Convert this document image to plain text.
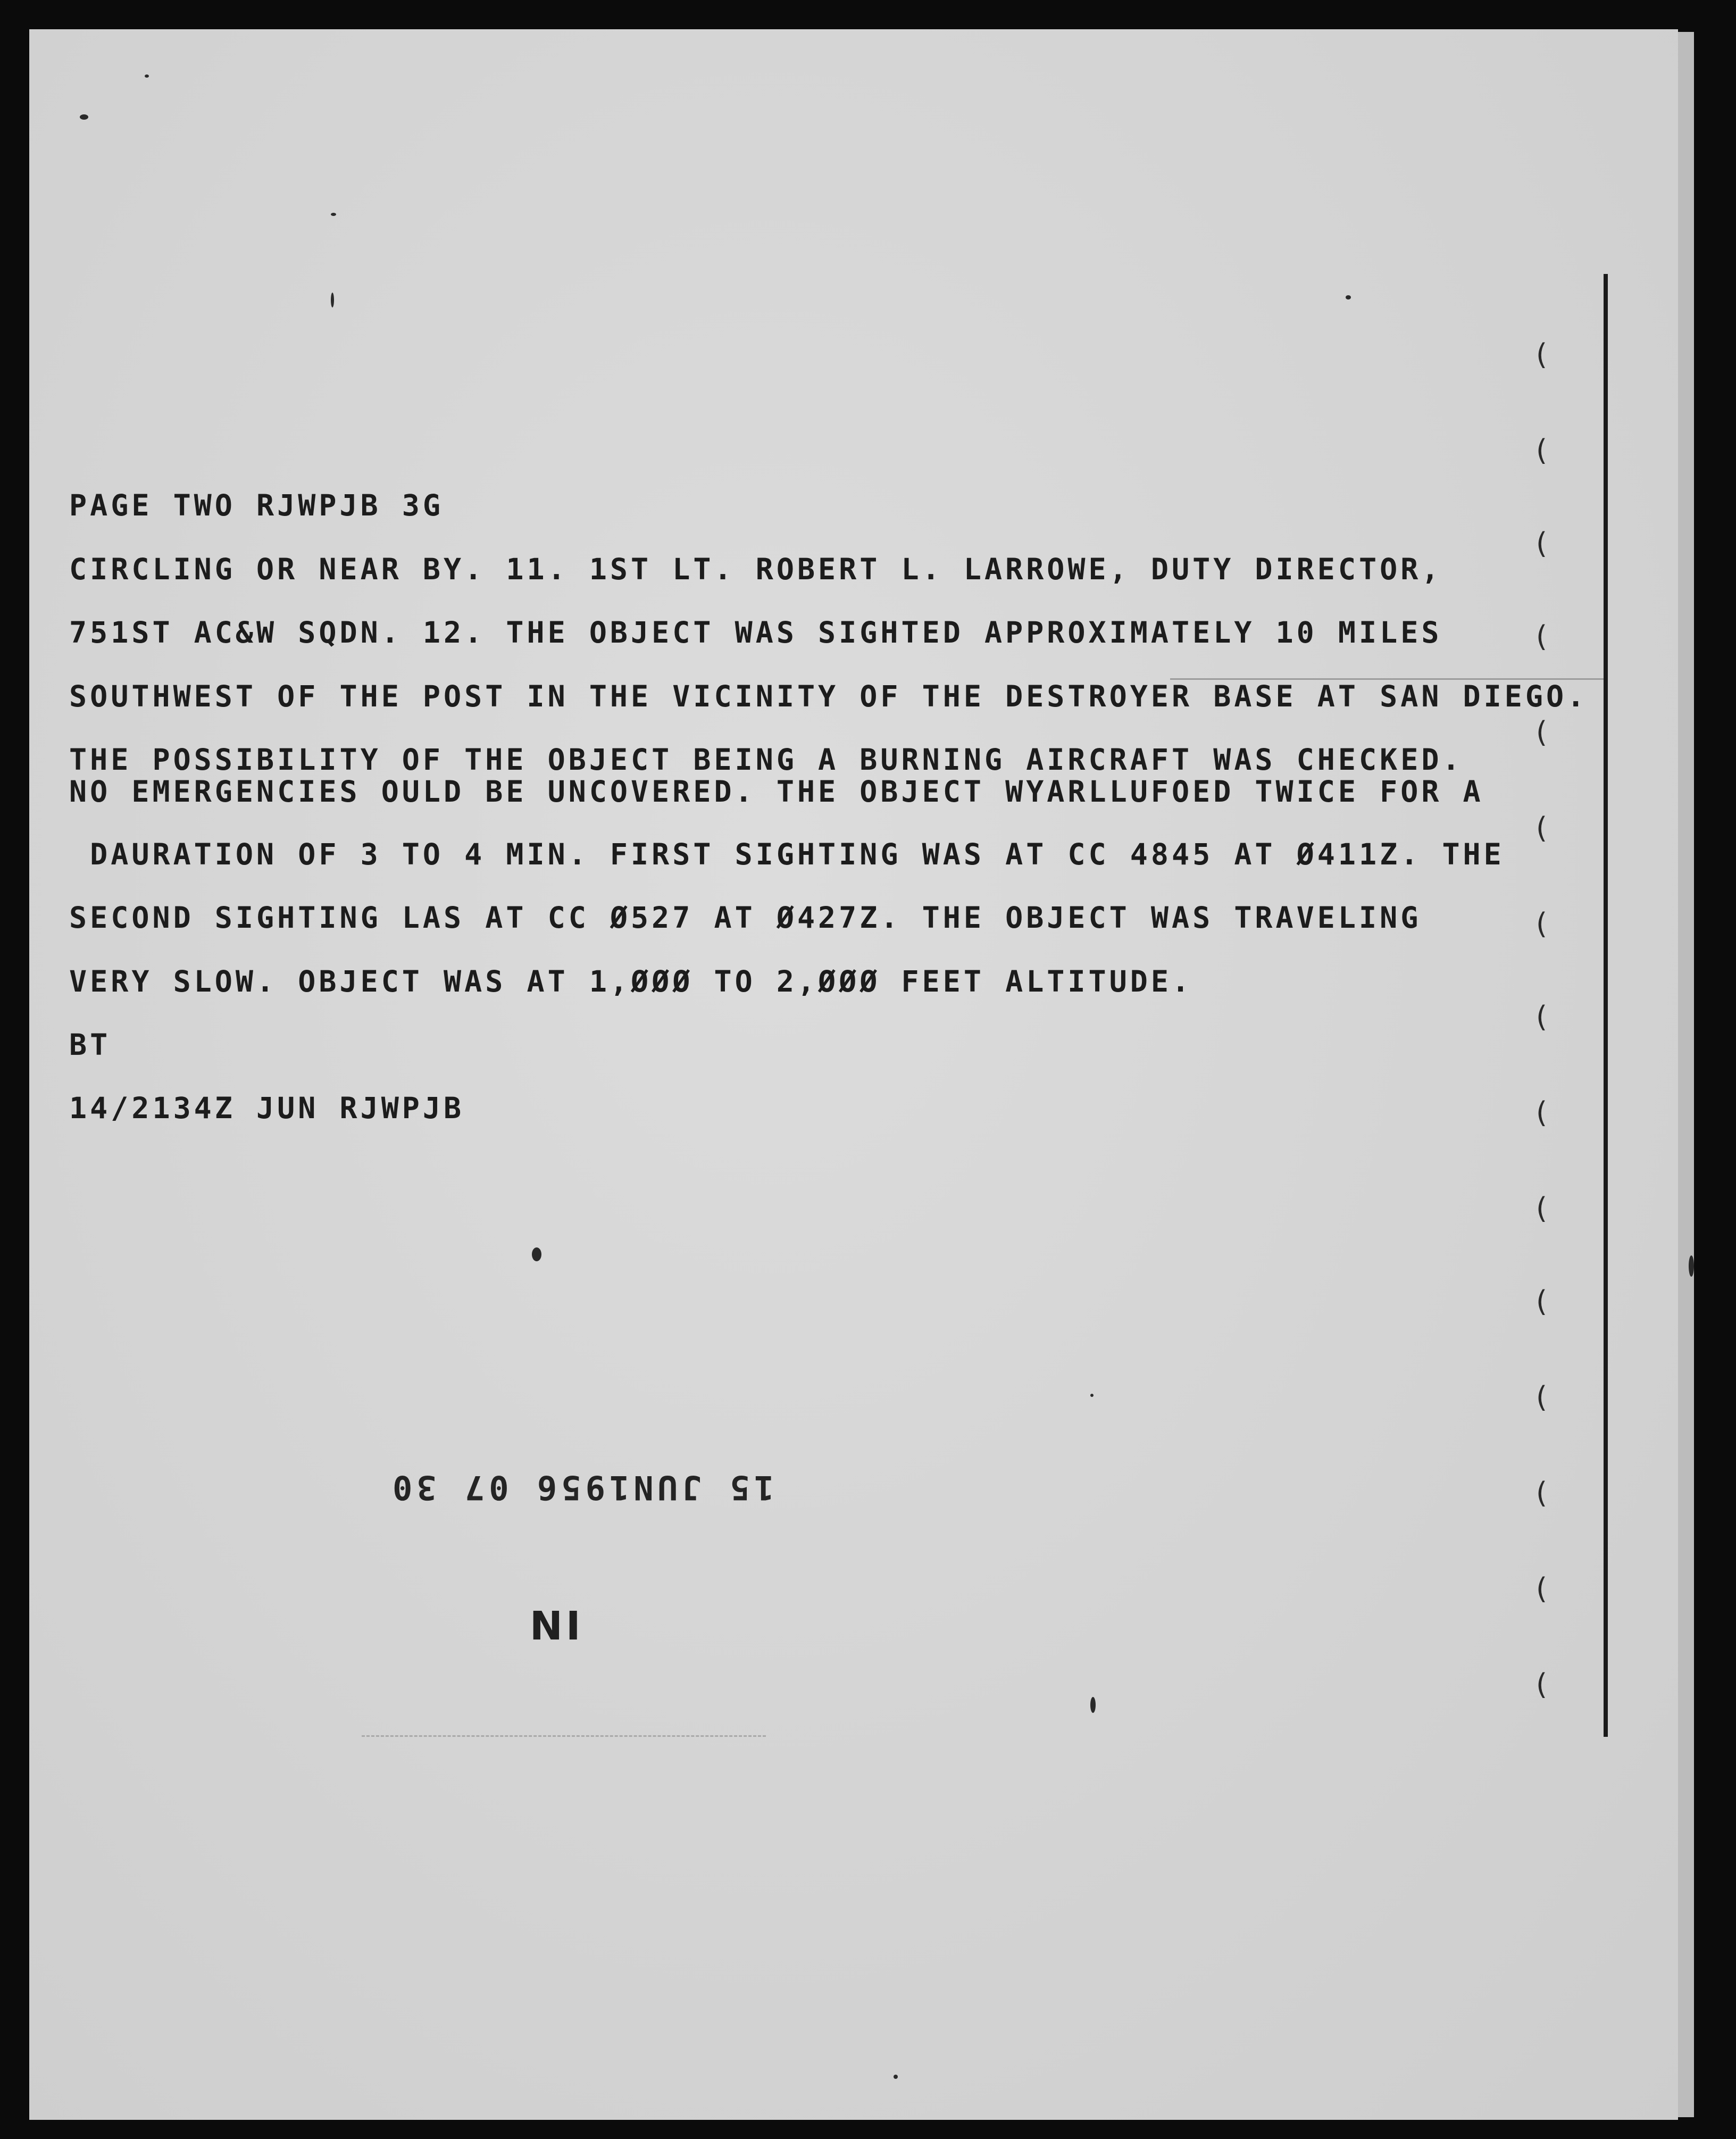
(
(
(
(
(
(
(
(
(
(
(
(
(
(
(

PAGE TWO RJWPJB 3G

CIRCLING OR NEAR BY. 11. 1ST LT. ROBERT L. LARROWE, DUTY DIRECTOR,

751ST AC&W SQDN. 12. THE OBJECT WAS SIGHTED APPROXIMATELY 10 MILES

SOUTHWEST OF THE POST IN THE VICINITY OF THE DESTROYER BASE AT SAN DIEGO.

THE POSSIBILITY OF THE OBJECT BEING A BURNING AIRCRAFT WAS CHECKED.

NO EMERGENCIES OULD BE UNCOVERED. THE OBJECT WYARLLUFOED TWICE FOR A

DAURATION OF 3 TO 4 MIN. FIRST SIGHTING WAS AT CC 4845 AT Ø411Z. THE

SECOND SIGHTING LAS AT CC Ø527 AT Ø427Z. THE OBJECT WAS TRAVELING

VERY SLOW. OBJECT WAS AT 1,ØØØ TO 2,ØØØ FEET ALTITUDE.

BT

14/2134Z JUN RJWPJB

15 JUN1956 07 30
IN
